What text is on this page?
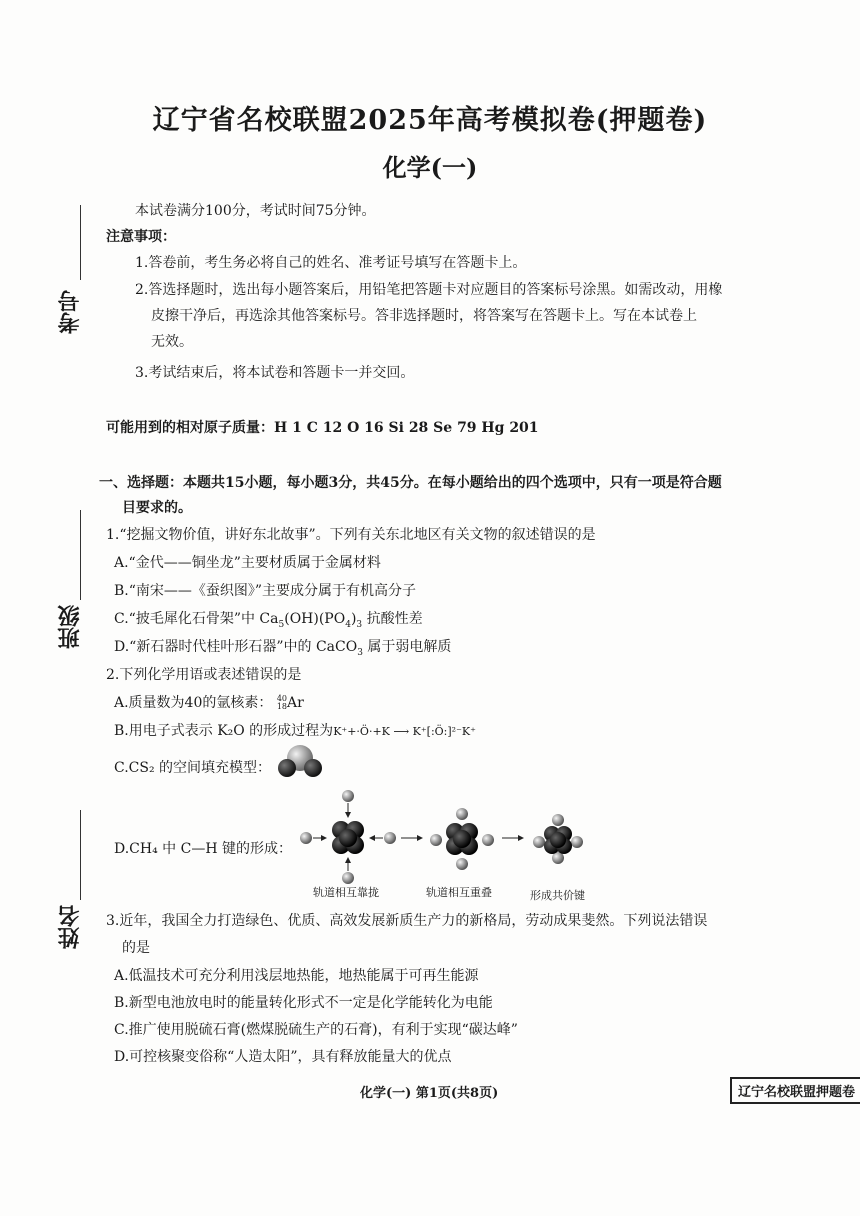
辽宁省名校联盟2025年高考模拟卷(押题卷)
化学(一)
考号
班级
姓名
本试卷满分100分，考试时间75分钟。
注意事项：
1.答卷前，考生务必将自己的姓名、准考证号填写在答题卡上。
2.答选择题时，选出每小题答案后，用铅笔把答题卡对应题目的答案标号涂黑。如需改动，用橡
皮擦干净后，再选涂其他答案标号。答非选择题时，将答案写在答题卡上。写在本试卷上
无效。
3.考试结束后，将本试卷和答题卡一并交回。
可能用到的相对原子质量：H 1 C 12 O 16 Si 28 Se 79 Hg 201
一、选择题：本题共15小题，每小题3分，共45分。在每小题给出的四个选项中，只有一项是符合题
目要求的。
1.“挖掘文物价值，讲好东北故事”。下列有关东北地区有关文物的叙述错误的是
A.“金代——铜坐龙”主要材质属于金属材料
B.“南宋——《蚕织图》”主要成分属于有机高分子
C.“披毛犀化石骨架”中 $Ca_5(OH)(PO_4)_3$ 抗酸性差
D.“新石器时代桂叶形石器”中的 CaCO$_3$ 属于弱电解质
2.下列化学用语或表述错误的是
A.质量数为40的氩核素： 40
18 Ar
B.用电子式表示 K₂O 的形成过程为K⁺+·Ö·+K ⟶ K⁺[:Ö:]²⁻K⁺
C.CS₂ 的空间填充模型：
D.CH₄ 中 C—H 键的形成：
轨道相互靠拢	轨道相互重叠	形成共价键
3.近年，我国全力打造绿色、优质、高效发展新质生产力的新格局，劳动成果斐然。下列说法错误
的是
A.低温技术可充分利用浅层地热能，地热能属于可再生能源
B.新型电池放电时的能量转化形式不一定是化学能转化为电能
C.推广使用脱硫石膏(燃煤脱硫生产的石膏)，有利于实现“碳达峰”
D.可控核聚变俗称“人造太阳”，具有释放能量大的优点
化学(一) 第1页(共8页)	辽宁名校联盟押题卷
